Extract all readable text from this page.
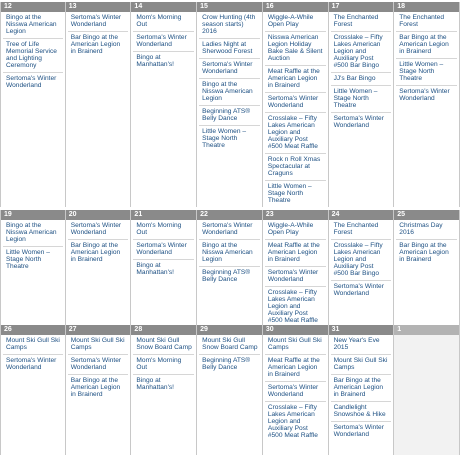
12
Bingo at the Nisswa American Legion
Tree of Life Memorial Service and Lighting Ceremony
Sertoma's Winter Wonderland
13
Sertoma's Winter Wonderland
Bar Bingo at the American Legion in Brainerd
14
Mom's Morning Out
Sertoma's Winter Wonderland
Bingo at Manhattan's!
15
Crow Hunting (4th season starts) 2016
Ladies Night at Sherwood Forest
Sertoma's Winter Wonderland
Bingo at the Nisswa American Legion
Beginning ATS® Belly Dance
Little Women – Stage North Theatre
16
Wiggle-A-While Open Play
Nisswa American Legion Holiday Bake Sale & Silent Auction
Meat Raffle at the American Legion in Brainerd
Sertoma's Winter Wonderland
Crosslake – Fifty Lakes American Legion and Auxiliary Post #500 Meat Raffle
Rock n Roll Xmas Spectacular at Craguns
Little Women – Stage North Theatre
17
The Enchanted Forest
Crosslake – Fifty Lakes American Legion and Auxiliary Post #500 Bar Bingo
JJ's Bar Bingo
Little Women – Stage North Theatre
Sertoma's Winter Wonderland
18
The Enchanted Forest
Bar Bingo at the American Legion in Brainerd
Little Women – Stage North Theatre
Sertoma's Winter Wonderland
19
Bingo at the Nisswa American Legion
Little Women – Stage North Theatre
20
Sertoma's Winter Wonderland
Bar Bingo at the American Legion in Brainerd
21
Mom's Morning Out
Sertoma's Winter Wonderland
Bingo at Manhattan's!
22
Sertoma's Winter Wonderland
Bingo at the Nisswa American Legion
Beginning ATS® Belly Dance
23
Wiggle-A-While Open Play
Meat Raffle at the American Legion in Brainerd
Sertoma's Winter Wonderland
Crosslake – Fifty Lakes American Legion and Auxiliary Post #500 Meat Raffle
24
The Enchanted Forest
Crosslake – Fifty Lakes American Legion and Auxiliary Post #500 Bar Bingo
Sertoma's Winter Wonderland
25
Christmas Day 2016
Bar Bingo at the American Legion in Brainerd
26
Mount Ski Gull Ski Camps
Sertoma's Winter Wonderland
27
Mount Ski Gull Ski Camps
Sertoma's Winter Wonderland
Bar Bingo at the American Legion in Brainerd
28
Mount Ski Gull Snow Board Camp
Mom's Morning Out
Bingo at Manhattan's!
29
Mount Ski Gull Snow Board Camp
Beginning ATS® Belly Dance
30
Mount Ski Gull Ski Camps
Meat Raffle at the American Legion in Brainerd
Sertoma's Winter Wonderland
Crosslake – Fifty Lakes American Legion and Auxiliary Post #500 Meat Raffle
31
New Year's Eve 2015
Mount Ski Gull Ski Camps
Bar Bingo at the American Legion in Brainerd
Candlelight Snowshoe & Hike
Sertoma's Winter Wonderland
1
